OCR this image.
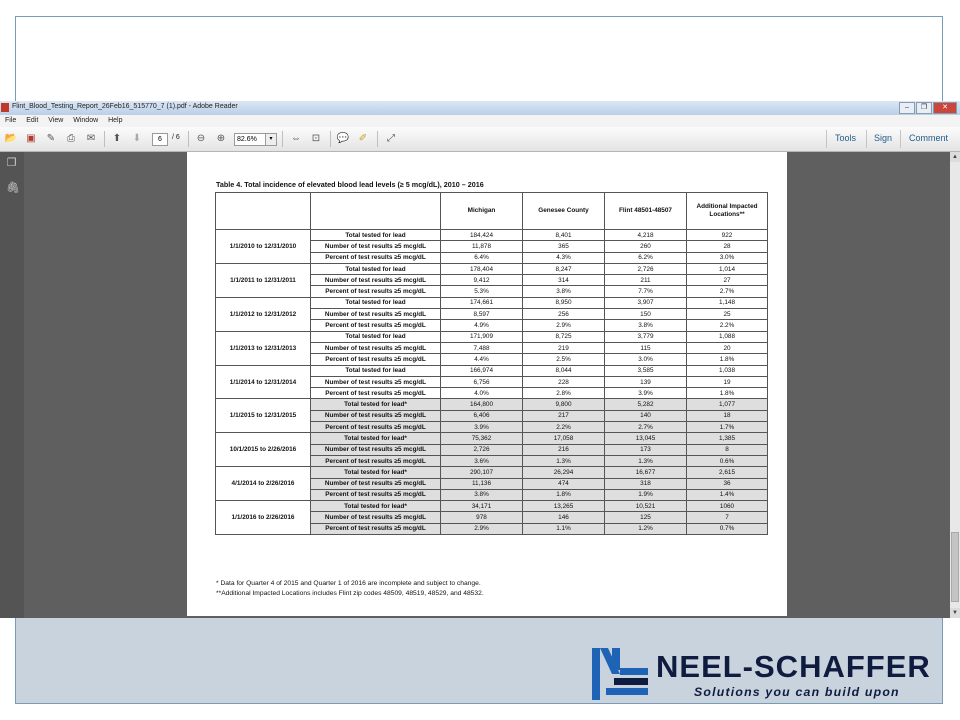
Flint_Blood_Testing_Report_26Feb16_515770_7 (1).pdf - Adobe Reader	–	❐	✕
File Edit View Window Help
📂 ▣ ✎	⎙	✉ ⬆ ⬇	6	/ 6 ⊖ ⊕	82.6%	▾	⇔ ⊡ 💬 ✐	⤢	Tools Sign Comment
❐
🖇
▲
▼
Table 4. Total incidence of elevated blood lead levels (≥ 5 mcg/dL), 2010 – 2016
		Michigan	Genesee County	Flint 48501-48507	Additional Impacted Locations**
1/1/2010 to 12/31/2010	Total tested for lead	184,424	8,401	4,218	922
	Number of test results ≥5 mcg/dL	11,878	365	260	28
	Percent of test results ≥5 mcg/dL	6.4%	4.3%	6.2%	3.0%
1/1/2011 to 12/31/2011	Total tested for lead	178,404	8,247	2,726	1,014
	Number of test results ≥5 mcg/dL	9,412	314	211	27
	Percent of test results ≥5 mcg/dL	5.3%	3.8%	7.7%	2.7%
1/1/2012 to 12/31/2012	Total tested for lead	174,661	8,950	3,907	1,148
	Number of test results ≥5 mcg/dL	8,597	256	150	25
	Percent of test results ≥5 mcg/dL	4.9%	2.9%	3.8%	2.2%
1/1/2013 to 12/31/2013	Total tested for lead	171,909	8,725	3,779	1,088
	Number of test results ≥5 mcg/dL	7,488	219	115	20
	Percent of test results ≥5 mcg/dL	4.4%	2.5%	3.0%	1.8%
1/1/2014 to 12/31/2014	Total tested for lead	166,974	8,044	3,585	1,038
	Number of test results ≥5 mcg/dL	6,756	228	139	19
	Percent of test results ≥5 mcg/dL	4.0%	2.8%	3.9%	1.8%
1/1/2015 to 12/31/2015	Total tested for lead*	164,800	9,800	5,282	1,077
	Number of test results ≥5 mcg/dL	6,406	217	140	18
	Percent of test results ≥5 mcg/dL	3.9%	2.2%	2.7%	1.7%
10/1/2015 to 2/26/2016	Total tested for lead*	75,362	17,058	13,045	1,385
	Number of test results ≥5 mcg/dL	2,726	216	173	8
	Percent of test results ≥5 mcg/dL	3.6%	1.3%	1.3%	0.6%
4/1/2014 to 2/26/2016	Total tested for lead*	290,107	26,294	16,677	2,615
	Number of test results ≥5 mcg/dL	11,136	474	318	36
	Percent of test results ≥5 mcg/dL	3.8%	1.8%	1.9%	1.4%
1/1/2016 to 2/26/2016	Total tested for lead*	34,171	13,265	10,521	1060
	Number of test results ≥5 mcg/dL	978	146	125	7
	Percent of test results ≥5 mcg/dL	2.9%	1.1%	1.2%	0.7%
* Data for Quarter 4 of 2015 and Quarter 1 of 2016 are incomplete and subject to change.
**Additional Impacted Locations includes Flint zip codes 48509, 48519, 48529, and 48532.
NEEL-SCHAFFER
Solutions you can build upon
